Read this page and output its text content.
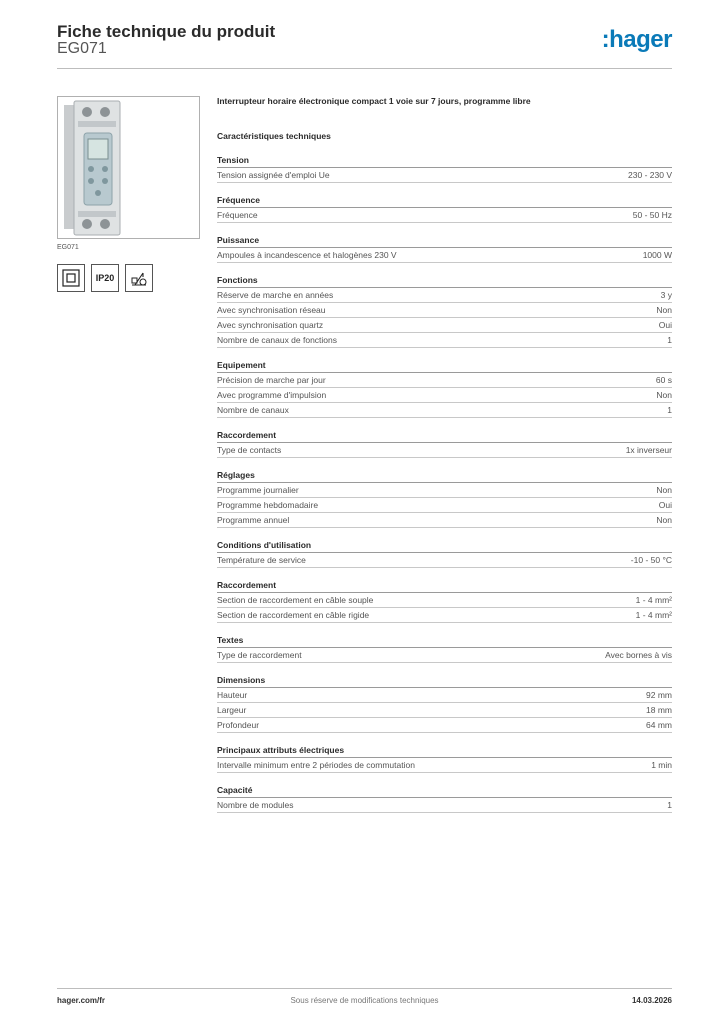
Fiche technique du produit
EG071	:hager
EG071
IP20
Interrupteur horaire électronique compact 1 voie sur 7 jours, programme libre
Caractéristiques techniques
Tension
Tension assignée d'emploi Ue	230 - 230 V
Fréquence
Fréquence	50 - 50 Hz
Puissance
Ampoules à incandescence et halogènes 230 V	1000 W
Fonctions
Réserve de marche en années	3 y
Avec synchronisation réseau	Non
Avec synchronisation quartz	Oui
Nombre de canaux de fonctions	1
Equipement
Précision de marche par jour	60 s
Avec programme d'impulsion	Non
Nombre de canaux	1
Raccordement
Type de contacts	1x inverseur
Réglages
Programme journalier	Non
Programme hebdomadaire	Oui
Programme annuel	Non
Conditions d'utilisation
Température de service	-10 - 50 °C
Raccordement
Section de raccordement en câble souple	1 - 4 mm²
Section de raccordement en câble rigide	1 - 4 mm²
Textes
Type de raccordement	Avec bornes à vis
Dimensions
Hauteur	92 mm
Largeur	18 mm
Profondeur	64 mm
Principaux attributs électriques
Intervalle minimum entre 2 périodes de commutation	1 min
Capacité
Nombre de modules	1
hager.com/fr	Sous réserve de modifications techniques	14.03.2026
